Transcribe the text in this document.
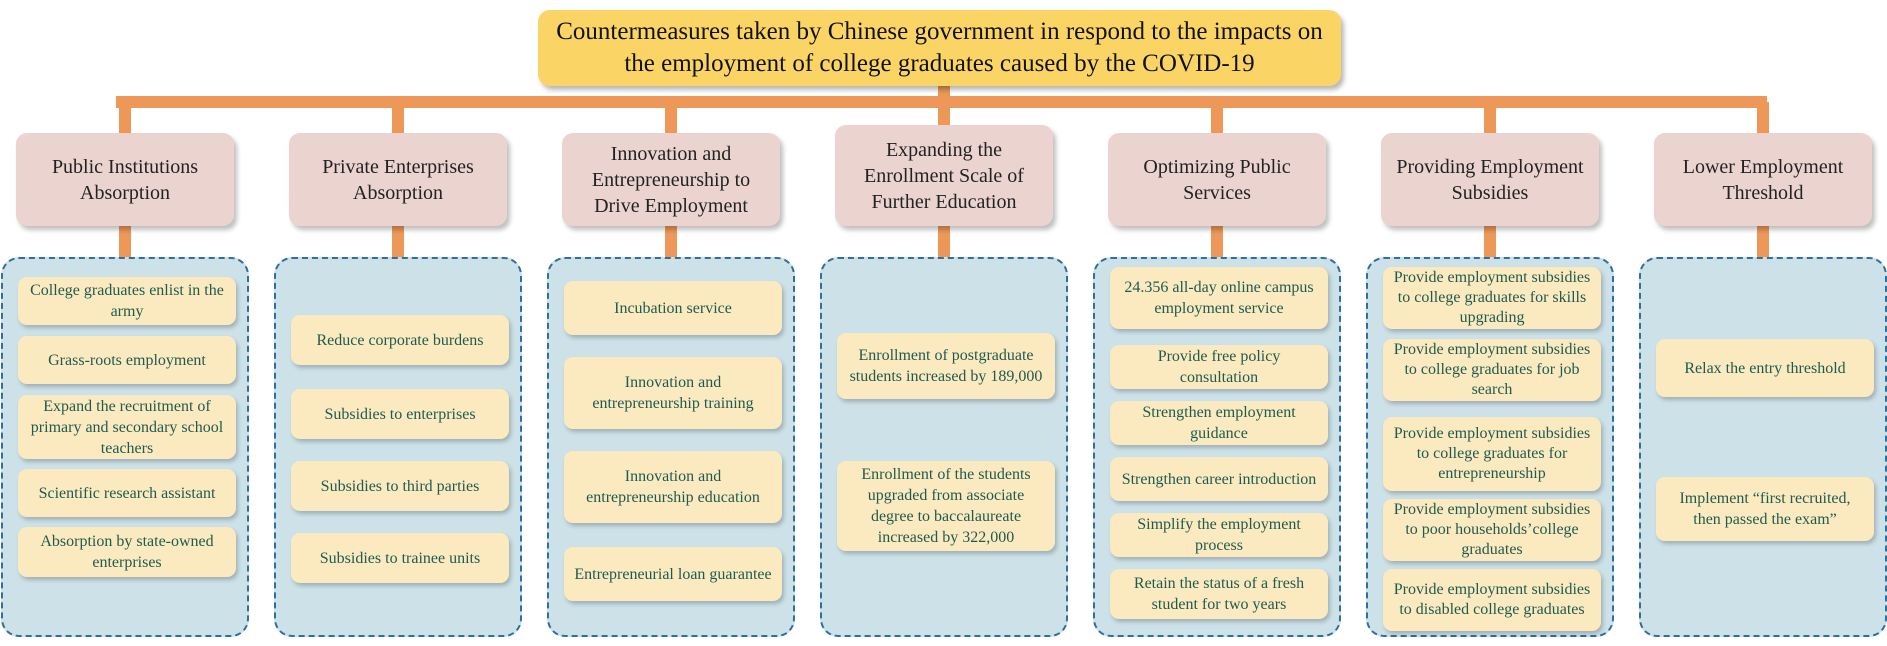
Countermeasures taken by Chinese government in respond to the impacts on the employment of college graduates caused by the COVID-19
College graduates enlist in the army
Grass-roots employment
Expand the recruitment of primary and secondary school teachers
Scientific research assistant
Absorption by state-owned enterprises
Public Institutions Absorption
Reduce corporate burdens
Subsidies to enterprises
Subsidies to third parties
Subsidies to trainee units
Private Enterprises Absorption
Incubation service
Innovation and entrepreneurship training
Innovation and entrepreneurship education
Entrepreneurial loan guarantee
Innovation and Entrepreneurship to Drive Employment
Enrollment of postgraduate students increased by 189,000
Enrollment of the students upgraded from associate degree to baccalaureate increased by 322,000
Expanding the Enrollment Scale of Further Education
24.356 all-day online campus employment service
Provide free policy consultation
Strengthen employment guidance
Strengthen career introduction
Simplify the employment process
Retain the status of a fresh student for two years
Optimizing Public Services
Provide employment subsidies to college graduates for skills upgrading
Provide employment subsidies to college graduates for job search
Provide employment subsidies to college graduates for entrepreneurship
Provide employment subsidies to poor households’college graduates
Provide employment subsidies to disabled college graduates
Providing Employment Subsidies
Relax the entry threshold
Implement “first recruited, then passed the exam”
Lower Employment Threshold
